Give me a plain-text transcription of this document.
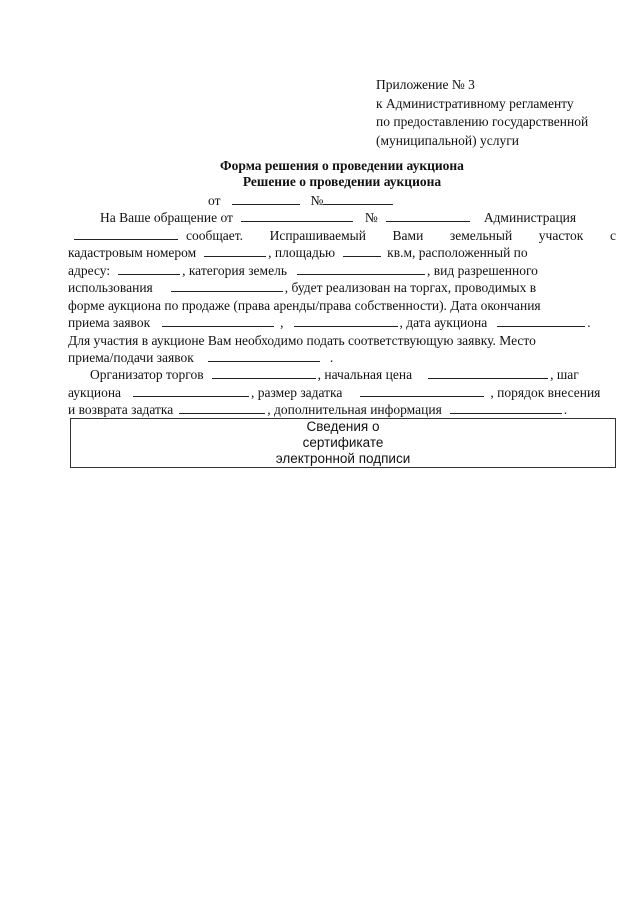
Приложение № 3
к Административному регламенту
по предоставлению государственной
(муниципальной) услуги
Форма решения о проведении аукциона
Решение о проведении аукциона
от	№
На Ваше обращение от	№	Администрация
сообщает. Испрашиваемый Вами земельный участок с
кадастровым номером	, площадью	кв.м, расположенный по
адресу:	, категория земель	, вид разрешенного
использования	, будет реализован на торгах, проводимых в
форме аукциона по продаже (права аренды/права собственности). Дата окончания
приема заявок	,	, дата аукциона	.
Для участия в аукционе Вам необходимо подать соответствующую заявку. Место
приема/подачи заявок	.
Организатор торгов	, начальная цена	, шаг
аукциона	, размер задатка	, порядок внесения
и возврата задатка	, дополнительная информация	.
Сведения о
сертификате
электронной подписи
